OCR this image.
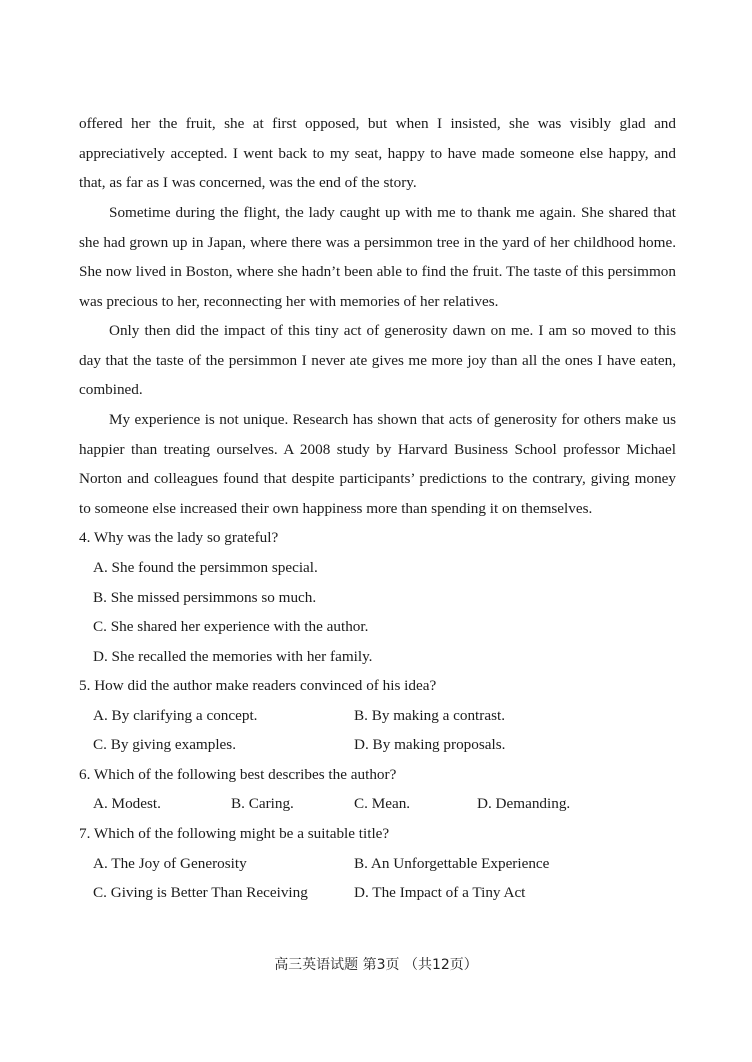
offered her the fruit, she at first opposed, but when I insisted, she was visibly glad and appreciatively accepted. I went back to my seat, happy to have made someone else happy, and that, as far as I was concerned, was the end of the story.

Sometime during the flight, the lady caught up with me to thank me again. She shared that she had grown up in Japan, where there was a persimmon tree in the yard of her childhood home. She now lived in Boston, where she hadn’t been able to find the fruit. The taste of this persimmon was precious to her, reconnecting her with memories of her relatives.

Only then did the impact of this tiny act of generosity dawn on me. I am so moved to this day that the taste of the persimmon I never ate gives me more joy than all the ones I have eaten, combined.

My experience is not unique. Research has shown that acts of generosity for others make us happier than treating ourselves. A 2008 study by Harvard Business School professor Michael Norton and colleagues found that despite participants’ predictions to the contrary, giving money to someone else increased their own happiness more than spending it on themselves.

4. Why was the lady so grateful?
A. She found the persimmon special.
B. She missed persimmons so much.
C. She shared her experience with the author.
D. She recalled the memories with her family.
5. How did the author make readers convinced of his idea?
A. By clarifying a concept.	B. By making a contrast.
C. By giving examples.	D. By making proposals.
6. Which of the following best describes the author?
A. Modest.	B. Caring.	C. Mean.	D. Demanding.
7. Which of the following might be a suitable title?
A. The Joy of Generosity	B. An Unforgettable Experience
C. Giving is Better Than Receiving	D. The Impact of a Tiny Act
高三英语试题 第3页 （共12页）
